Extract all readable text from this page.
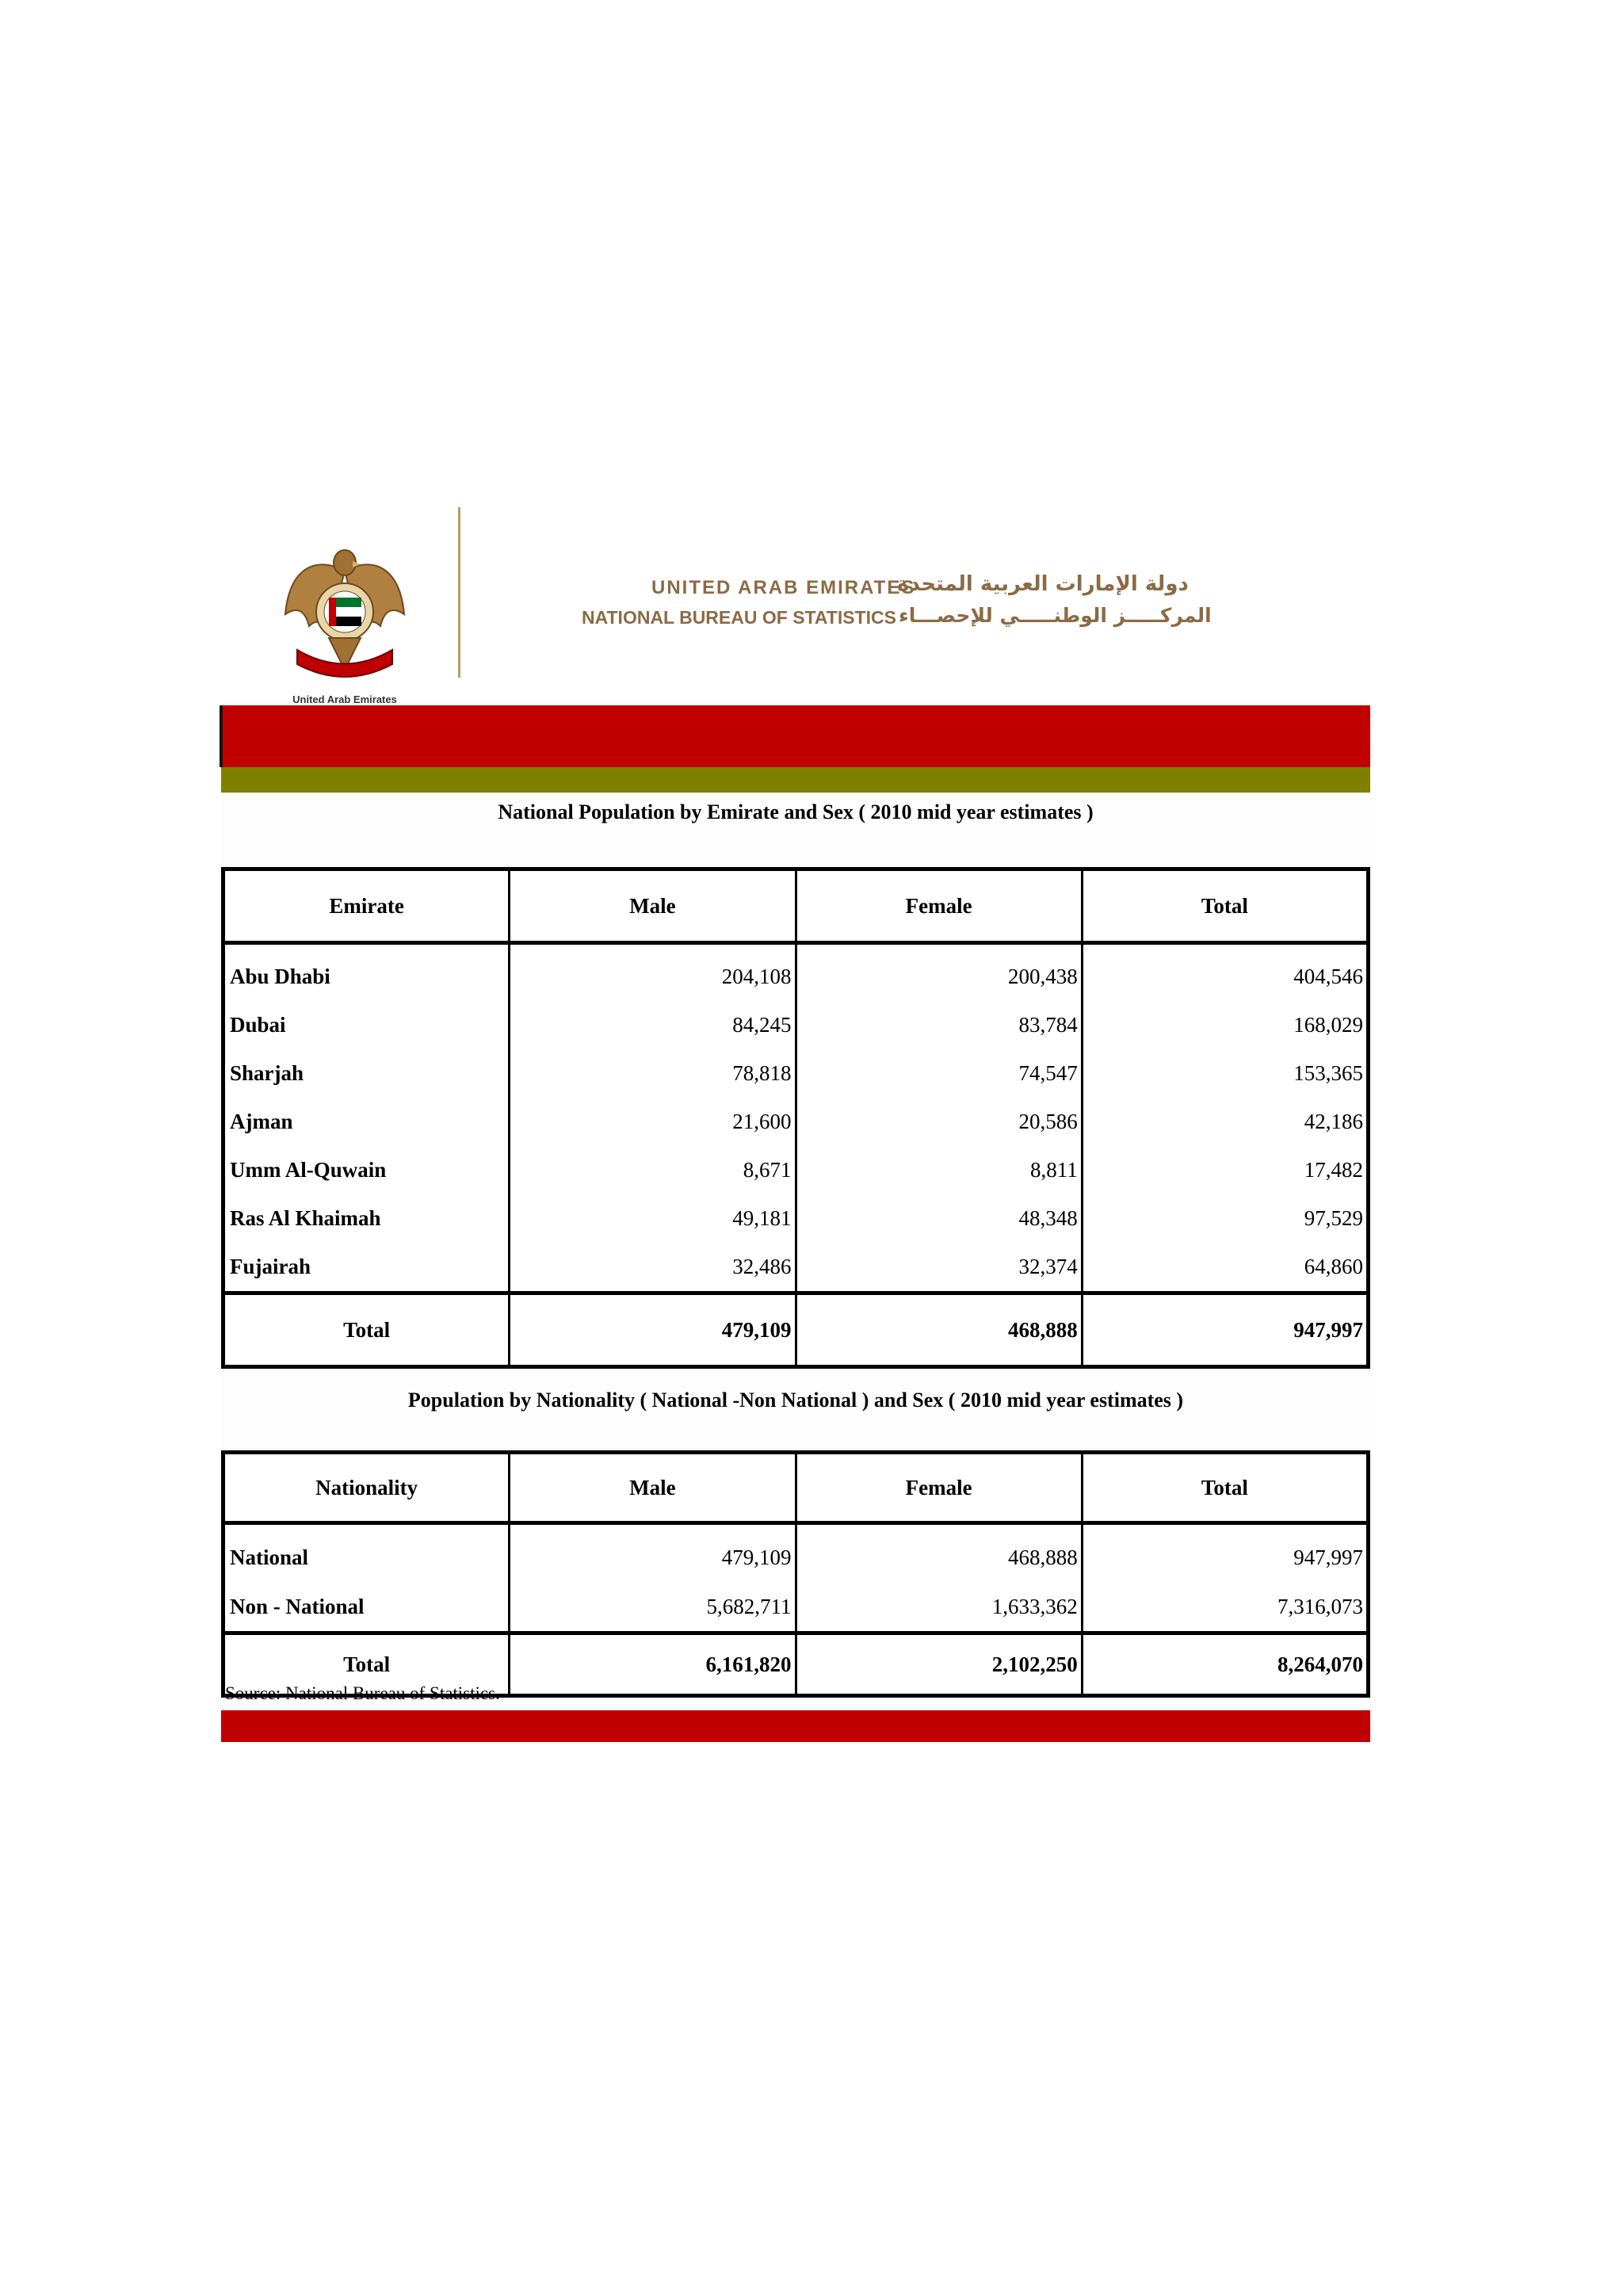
United Arab Emirates
UNITED ARAB EMIRATES
NATIONAL BUREAU OF STATISTICS
دولة الإمارات العربية المتحدة
المركـــــز الوطنـــــي للإحصـــاء
National Population by Emirate and Sex ( 2010 mid year estimates )
Emirate	Male	Female	Total
Abu Dhabi	204,108	200,438	404,546
Dubai	84,245	83,784	168,029
Sharjah	78,818	74,547	153,365
Ajman	21,600	20,586	42,186
Umm Al-Quwain	8,671	8,811	17,482
Ras Al Khaimah	49,181	48,348	97,529
Fujairah	32,486	32,374	64,860
Total	479,109	468,888	947,997
Population by Nationality ( National -Non National ) and Sex ( 2010 mid year estimates )
Nationality	Male	Female	Total
National	479,109	468,888	947,997
Non - National	5,682,711	1,633,362	7,316,073
Total	6,161,820	2,102,250	8,264,070
Source: National Bureau of Statistics.
